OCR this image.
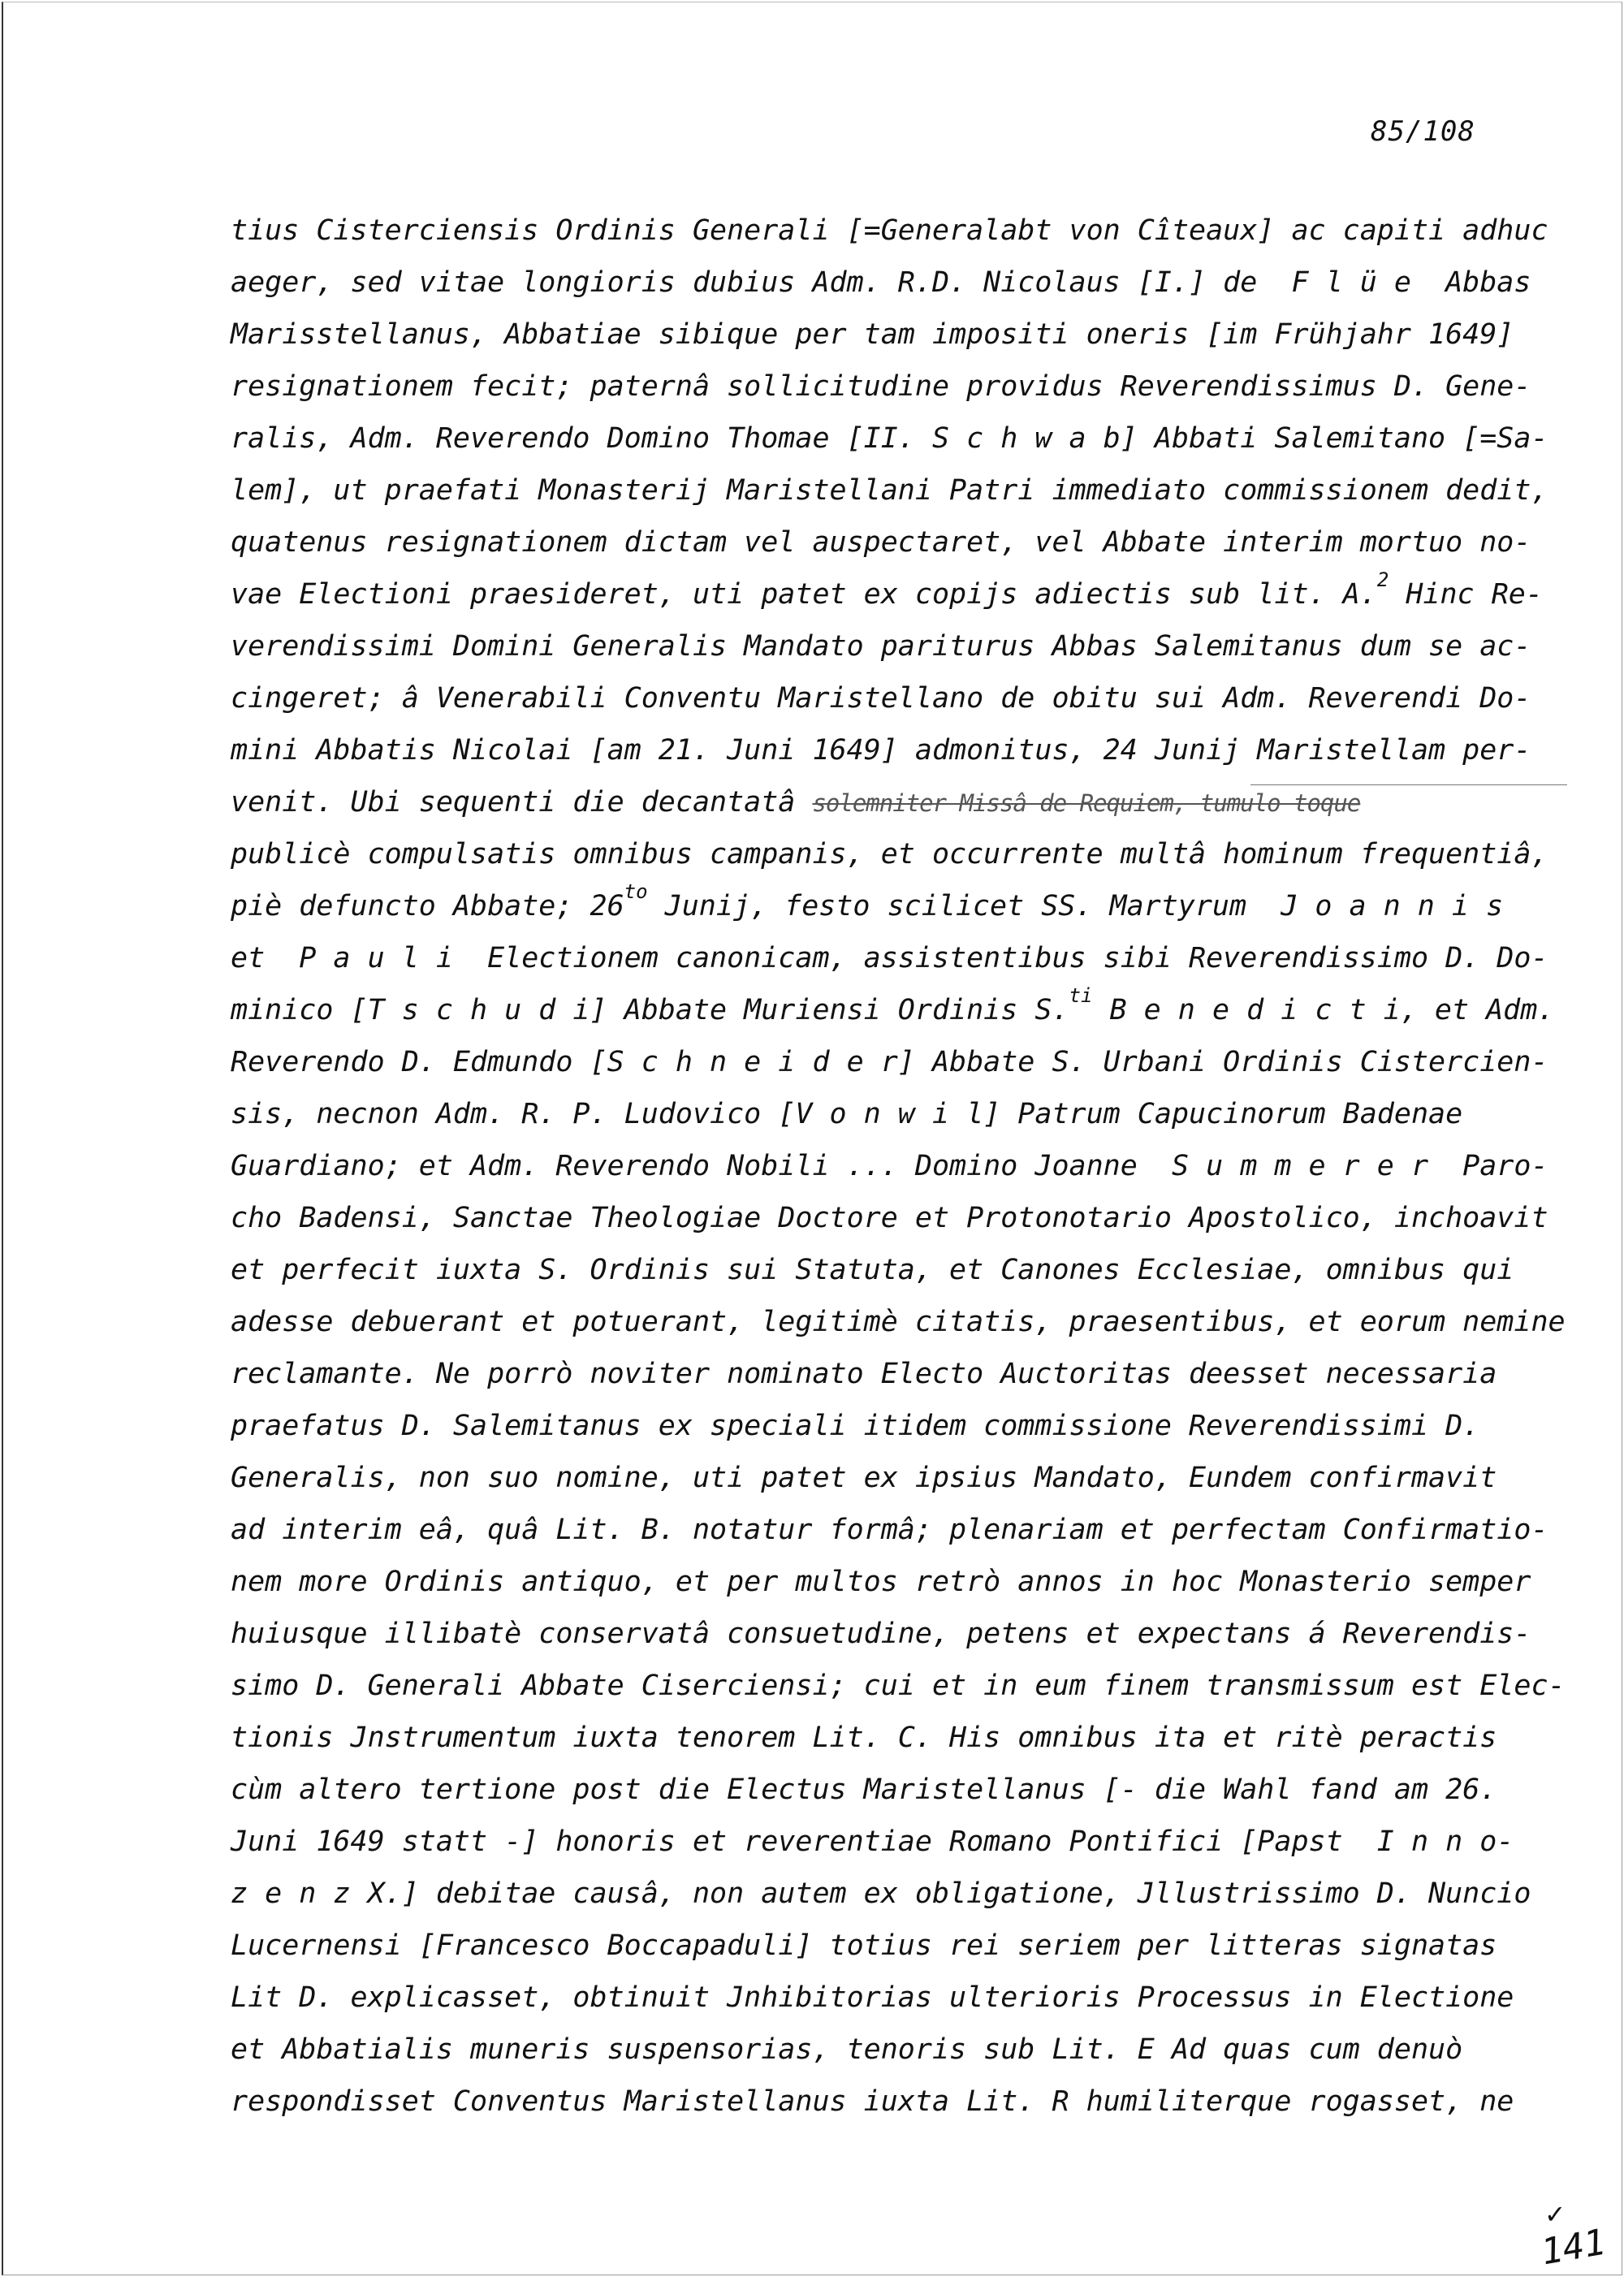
85/108
tius Cisterciensis Ordinis Generali [=Generalabt von Cîteaux] ac capiti adhuc
aeger, sed vitae longioris dubius Adm. R.D. Nicolaus [I.] de  F l ü e  Abbas
Marisstellanus, Abbatiae sibique per tam impositi oneris [im Frühjahr 1649]
resignationem fecit; paternâ sollicitudine providus Reverendissimus D. Gene-
ralis, Adm. Reverendo Domino Thomae [II. S c h w a b] Abbati Salemitano [=Sa-
lem], ut praefati Monasterij Maristellani Patri immediato commissionem dedit,
quatenus resignationem dictam vel auspectaret, vel Abbate interim mortuo no-
vae Electioni praesideret, uti patet ex copijs adiectis sub lit. A.$^2$ Hinc Re-
verendissimi Domini Generalis Mandato pariturus Abbas Salemitanus dum se ac-
cingeret; â Venerabili Conventu Maristellano de obitu sui Adm. Reverendi Do-
mini Abbatis Nicolai [am 21. Juni 1649] admonitus, 24 Junij Maristellam per-
venit. Ubi sequenti die decantatâ solemniter Missâ de Requiem, tumulo toque
publicè compulsatis omnibus campanis, et occurrente multâ hominum frequentiâ,
piè defuncto Abbate; $26^{to}$ Junij, festo scilicet SS. Martyrum  J o a n n i s
et  P a u l i  Electionem canonicam, assistentibus sibi Reverendissimo D. Do-
minico [T s c h u d i] Abbate Muriensi Ordinis S.$^{ti}$ B e n e d i c t i, et Adm.
Reverendo D. Edmundo [S c h n e i d e r] Abbate S. Urbani Ordinis Cistercien-
sis, necnon Adm. R. P. Ludovico [V o n w i l] Patrum Capucinorum Badenae
Guardiano; et Adm. Reverendo Nobili ... Domino Joanne  S u m m e r e r  Paro-
cho Badensi, Sanctae Theologiae Doctore et Protonotario Apostolico, inchoavit
et perfecit iuxta S. Ordinis sui Statuta, et Canones Ecclesiae, omnibus qui
adesse debuerant et potuerant, legitimè citatis, praesentibus, et eorum nemine
reclamante. Ne porrò noviter nominato Electo Auctoritas deesset necessaria
praefatus D. Salemitanus ex speciali itidem commissione Reverendissimi D.
Generalis, non suo nomine, uti patet ex ipsius Mandato, Eundem confirmavit
ad interim eâ, quâ Lit. B. notatur formâ; plenariam et perfectam Confirmatio-
nem more Ordinis antiquo, et per multos retrò annos in hoc Monasterio semper
huiusque illibatè conservatâ consuetudine, petens et expectans á Reverendis-
simo D. Generali Abbate Ciserciensi; cui et in eum finem transmissum est Elec-
tionis Jnstrumentum iuxta tenorem Lit. C. His omnibus ita et ritè peractis
cùm altero tertione post die Electus Maristellanus [- die Wahl fand am 26.
Juni 1649 statt -] honoris et reverentiae Romano Pontifici [Papst  I n n o-
z e n z X.] debitae causâ, non autem ex obligatione, Jllustrissimo D. Nuncio
Lucernensi [Francesco Boccapaduli] totius rei seriem per litteras signatas
Lit D. explicasset, obtinuit Jnhibitorias ulterioris Processus in Electione
et Abbatialis muneris suspensorias, tenoris sub Lit. E Ad quas cum denuò
respondisset Conventus Maristellanus iuxta Lit. R humiliterque rogasset, ne
✓
141
